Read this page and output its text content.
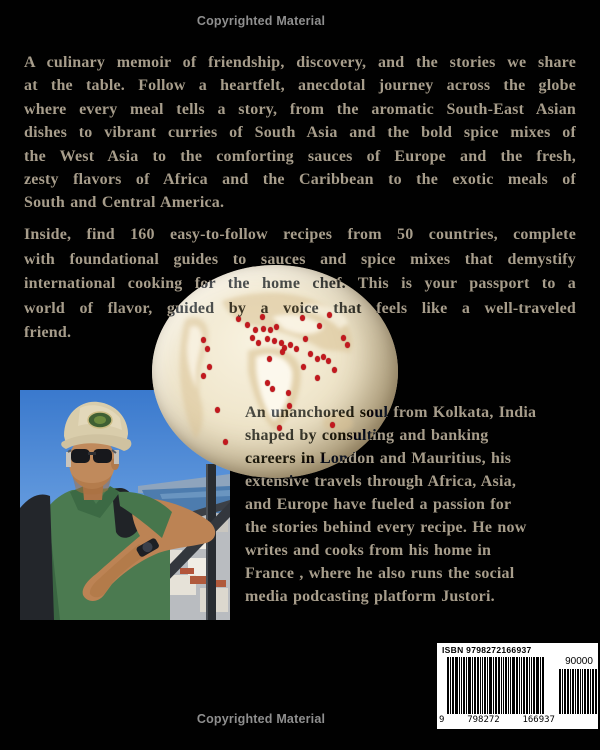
Copyrighted Material
A culinary memoir of friendship, discovery, and the stories we share
at the table. Follow a heartfelt, anecdotal journey across the globe
where every meal tells a story, from the aromatic South-East Asian
dishes to vibrant curries of South Asia and the bold spice mixes of
the West Asia to the comforting sauces of Europe and the fresh,
zesty flavors of Africa and the Caribbean to the exotic meals of
South and Central America.
Inside, find 160 easy-to-follow recipes from 50 countries, complete
with foundational guides to sauces and spice mixes that demystify
international cooking for the home chef. This is your passport to a
world of flavor, guided by a voice that feels like a well-traveled
friend.
An unanchored soul from Kolkata, India
shaped by consulting and banking
careers in London and Mauritius, his
extensive travels through Africa, Asia,
and Europe have fueled a passion for
the stories behind every recipe. He now
writes and cooks from his home in
France , where he also runs the social
media podcasting platform Justori.
ISBN 9798272166937
90000
9	798272	166937
Copyrighted Material
